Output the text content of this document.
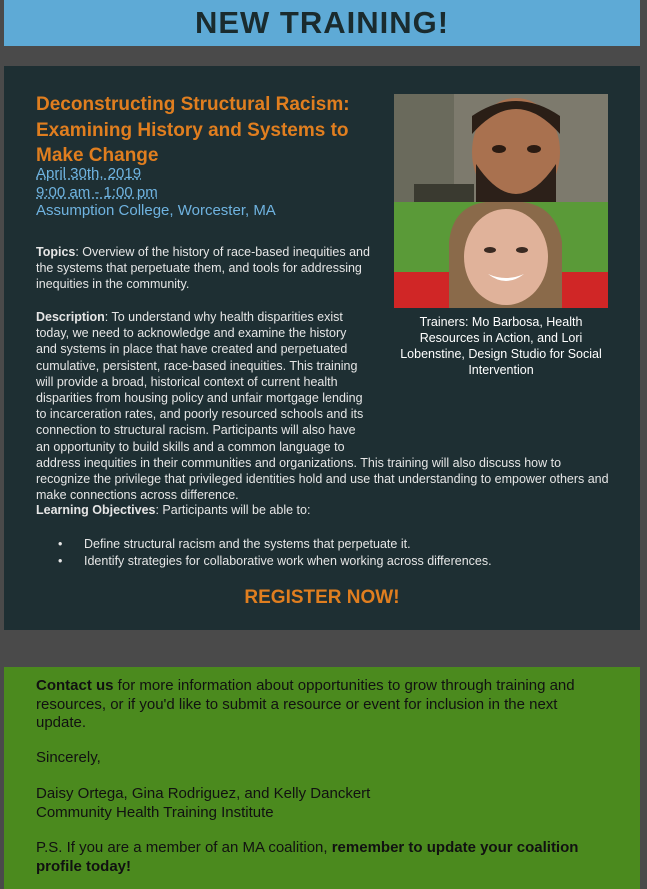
NEW TRAINING!
Deconstructing Structural Racism: Examining History and Systems to Make Change
April 30th, 2019
9:00 am - 1:00 pm
Assumption College, Worcester, MA
Trainers: Mo Barbosa, Health Resources in Action, and Lori Lobenstine, Design Studio for Social Intervention
Topics: Overview of the history of race-based inequities and the systems that perpetuate them, and tools for addressing inequities in the community.
Description: To understand why health disparities exist today, we need to acknowledge and examine the history and systems in place that have created and perpetuated cumulative, persistent, race-based inequities. This training will provide a broad, historical context of current health disparities from housing policy and unfair mortgage lending to incarceration rates, and poorly resourced schools and its connection to structural racism. Participants will also have an opportunity to build skills and a common language to address inequities in their communities and organizations. This training will also discuss how to recognize the privilege that privileged identities hold and use that understanding to empower others and make connections across difference.
Learning Objectives: Participants will be able to:
• Define structural racism and the systems that perpetuate it.
• Identify strategies for collaborative work when working across differences.
REGISTER NOW!
Contact us for more information about opportunities to grow through training and resources, or if you'd like to submit a resource or event for inclusion in the next update.
Sincerely,
Daisy Ortega, Gina Rodriguez, and Kelly Danckert
Community Health Training Institute
P.S. If you are a member of an MA coalition, remember to update your coalition profile today!
